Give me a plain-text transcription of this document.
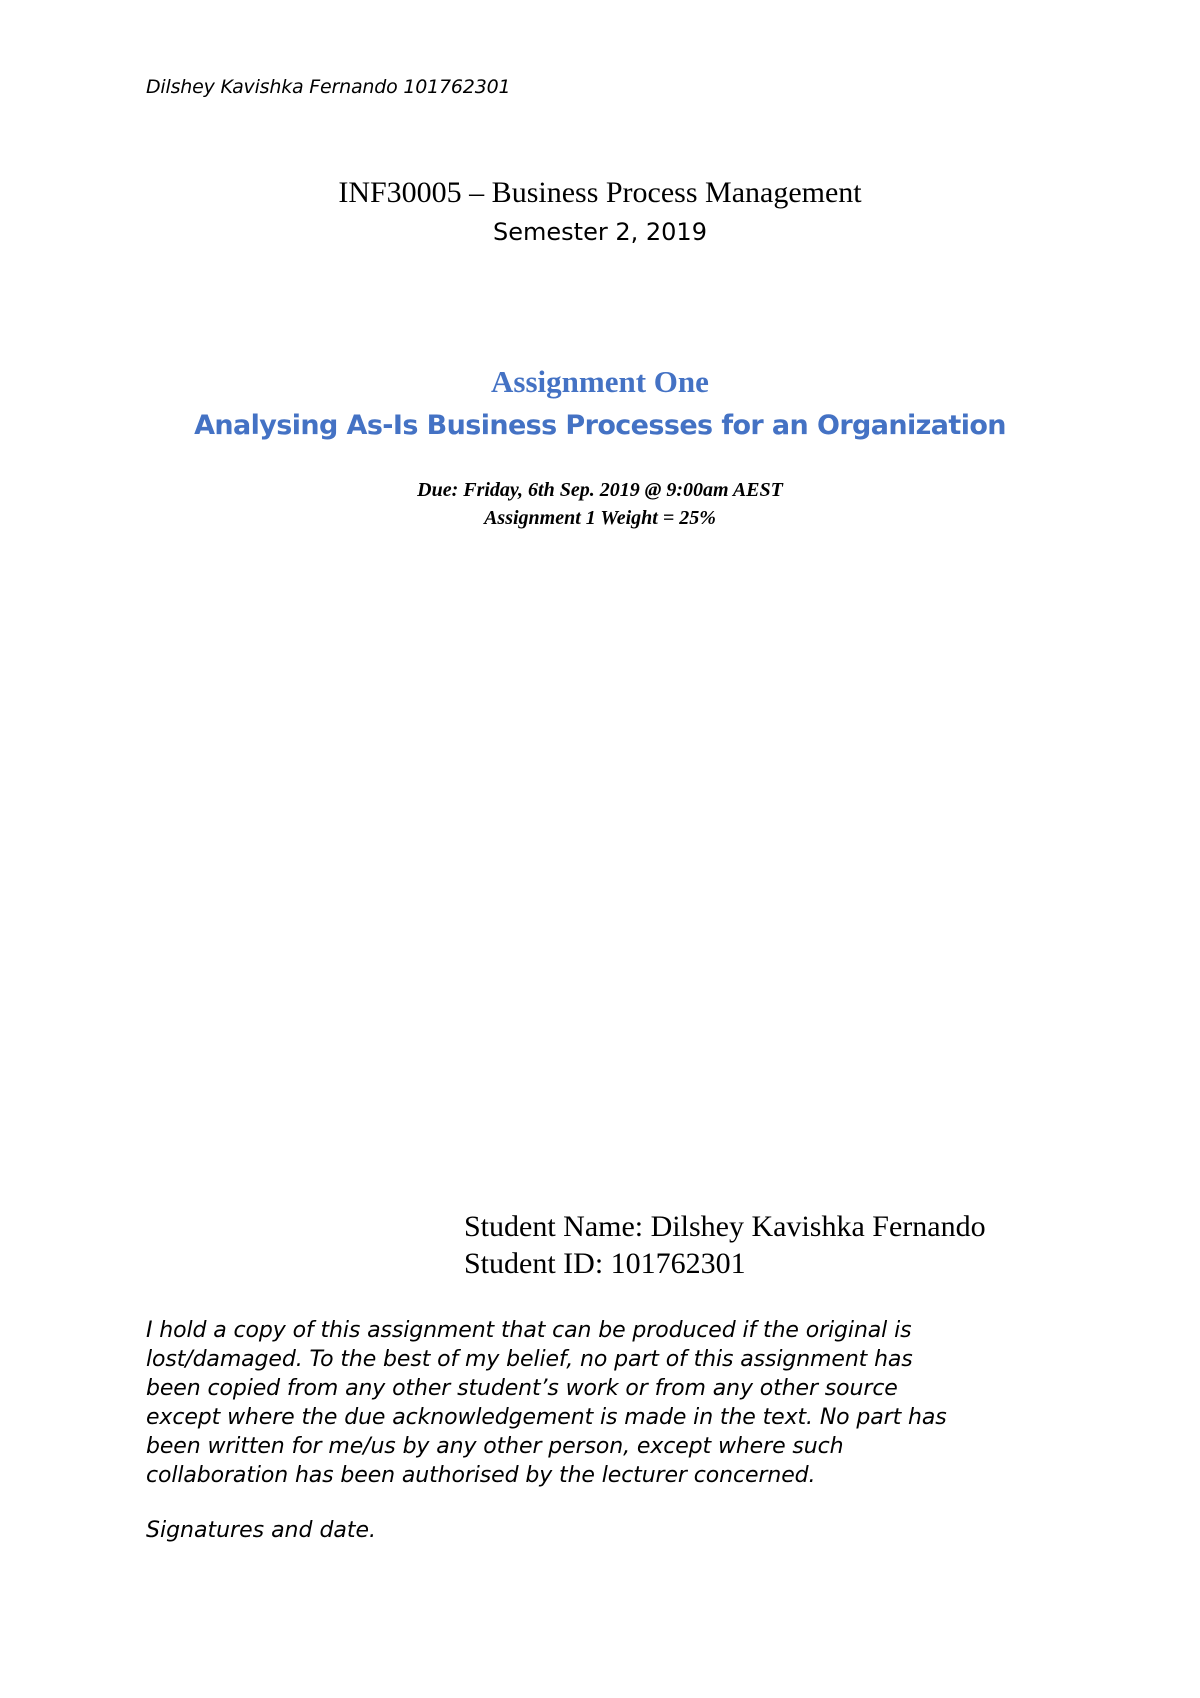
Dilshey Kavishka Fernando 101762301
INF30005 – Business Process Management
Semester 2, 2019
Assignment One
Analysing As-Is Business Processes for an Organization
Due: Friday, 6th Sep. 2019 @ 9:00am AEST
Assignment 1 Weight = 25%
Student Name: Dilshey Kavishka Fernando
Student ID: 101762301
I hold a copy of this assignment that can be produced if the original is
lost/damaged. To the best of my belief, no part of this assignment has
been copied from any other student’s work or from any other source
except where the due acknowledgement is made in the text. No part has
been written for me/us by any other person, except where such
collaboration has been authorised by the lecturer concerned.
Signatures and date.
